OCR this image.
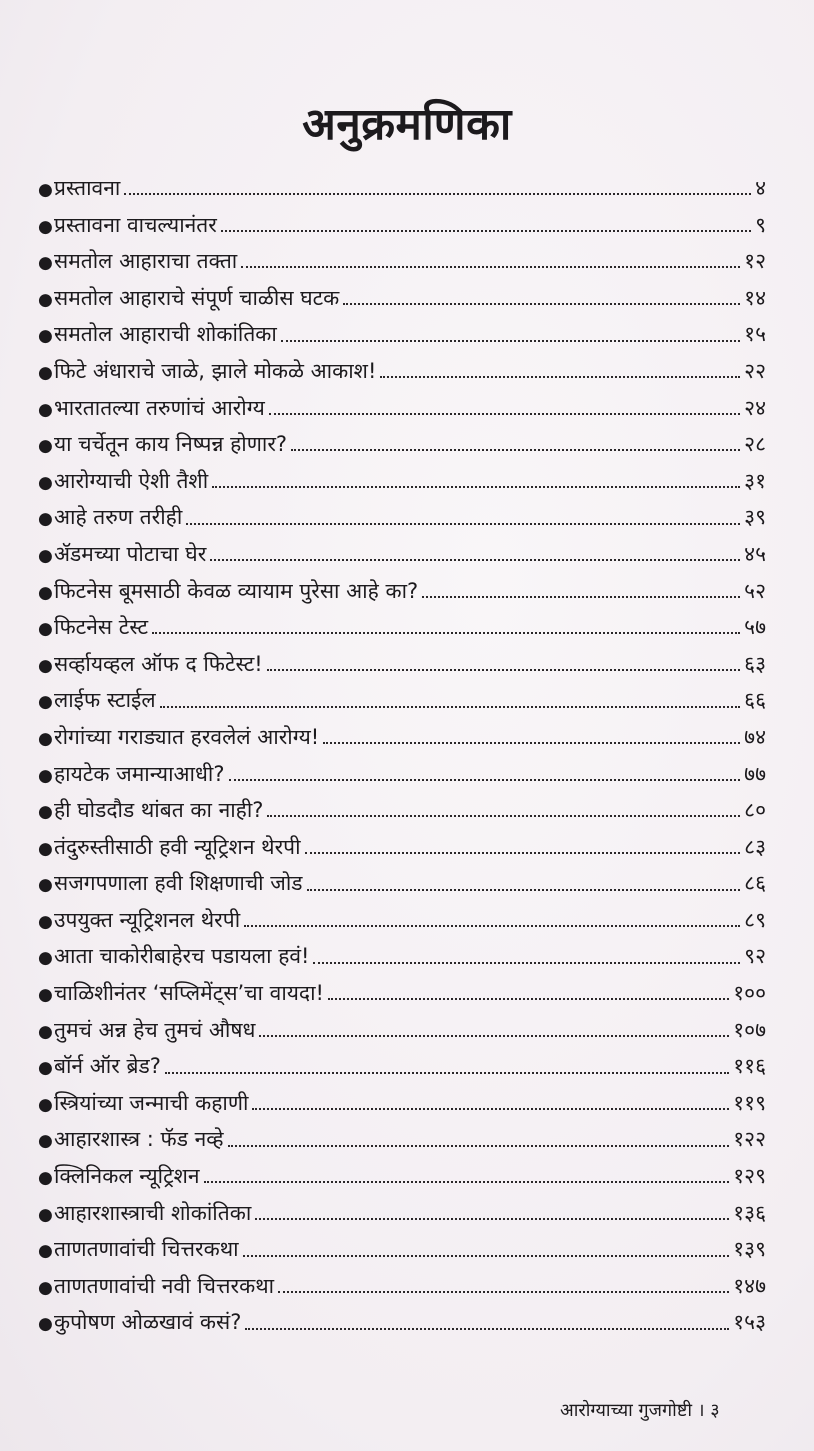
अनुक्रमणिका
● प्रस्तावना	४
● प्रस्तावना वाचल्यानंतर	९
● समतोल आहाराचा तक्ता	१२
● समतोल आहाराचे संपूर्ण चाळीस घटक	१४
● समतोल आहाराची शोकांतिका	१५
● फिटे अंधाराचे जाळे, झाले मोकळे आकाश!	२२
● भारतातल्या तरुणांचं आरोग्य	२४
● या चर्चेतून काय निष्पन्न होणार?	२८
● आरोग्याची ऐशी तैशी	३१
● आहे तरुण तरीही	३९
● ॲडमच्या पोटाचा घेर	४५
● फिटनेस बूमसाठी केवळ व्यायाम पुरेसा आहे का?	५२
● फिटनेस टेस्ट	५७
● सर्व्हायव्हल ऑफ द फिटेस्ट!	६३
● लाईफ स्टाईल	६६
● रोगांच्या गराड्यात हरवलेलं आरोग्य!	७४
● हायटेक जमान्याआधी?	७७
● ही घोडदौड थांबत का नाही?	८०
● तंदुरुस्तीसाठी हवी न्यूट्रिशन थेरपी	८३
● सजगपणाला हवी शिक्षणाची जोड	८६
● उपयुक्त न्यूट्रिशनल थेरपी	८९
● आता चाकोरीबाहेरच पडायला हवं!	९२
● चाळिशीनंतर ‘सप्लिमेंट्स’चा वायदा!	१००
● तुमचं अन्न हेच तुमचं औषध	१०७
● बॉर्न ऑर ब्रेड?	११६
● स्त्रियांच्या जन्माची कहाणी	११९
● आहारशास्त्र : फॅड नव्हे	१२२
● क्लिनिकल न्यूट्रिशन	१२९
● आहारशास्त्राची शोकांतिका	१३६
● ताणतणावांची चित्तरकथा	१३९
● ताणतणावांची नवी चित्तरकथा	१४७
● कुपोषण ओळखावं कसं?	१५३
आरोग्याच्या गुजगोष्टी । ३
